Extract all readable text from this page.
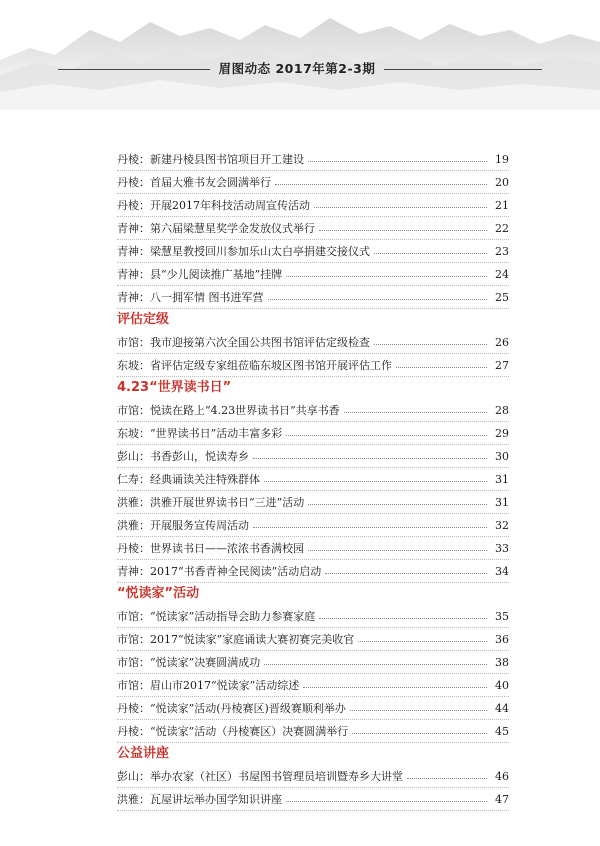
眉图动态 2017年第2-3期
丹棱： 新建丹棱县图书馆项目开工建设	19
丹棱： 首届大雅书友会圆满举行	20
丹棱： 开展2017年科技活动周宣传活动	21
青神： 第六届梁慧星奖学金发放仪式举行	22
青神： 梁慧星教授回川参加乐山太白亭捐建交接仪式	23
青神： 县“少儿阅读推广基地”挂牌	24
青神： 八一拥军情 图书进军营	25
评估定级
市馆： 我市迎接第六次全国公共图书馆评估定级检查	26
东坡： 省评估定级专家组莅临东坡区图书馆开展评估工作	27
4.23“世界读书日”
市馆： 悦读在路上“4.23世界读书日”共享书香	28
东坡： “世界读书日”活动丰富多彩	29
彭山： 书香彭山，悦读寿乡	30
仁寿： 经典诵读关注特殊群体	31
洪雅： 洪雅开展世界读书日“三进”活动	31
洪雅： 开展服务宣传周活动	32
丹棱： 世界读书日——浓浓书香满校园	33
青神： 2017“书香青神全民阅读”活动启动	34
“悦读家”活动
市馆： “悦读家”活动指导会助力参赛家庭	35
市馆： 2017“悦读家”家庭诵读大赛初赛完美收官	36
市馆： “悦读家”决赛圆满成功	38
市馆： 眉山市2017“悦读家”活动综述	40
丹棱： “悦读家”活动(丹棱赛区)晋级赛顺利举办	44
丹棱： “悦读家”活动（丹棱赛区）决赛圆满举行	45
公益讲座
彭山： 举办农家（社区）书屋图书管理员培训暨寿乡大讲堂	46
洪雅： 瓦屋讲坛举办国学知识讲座	47
